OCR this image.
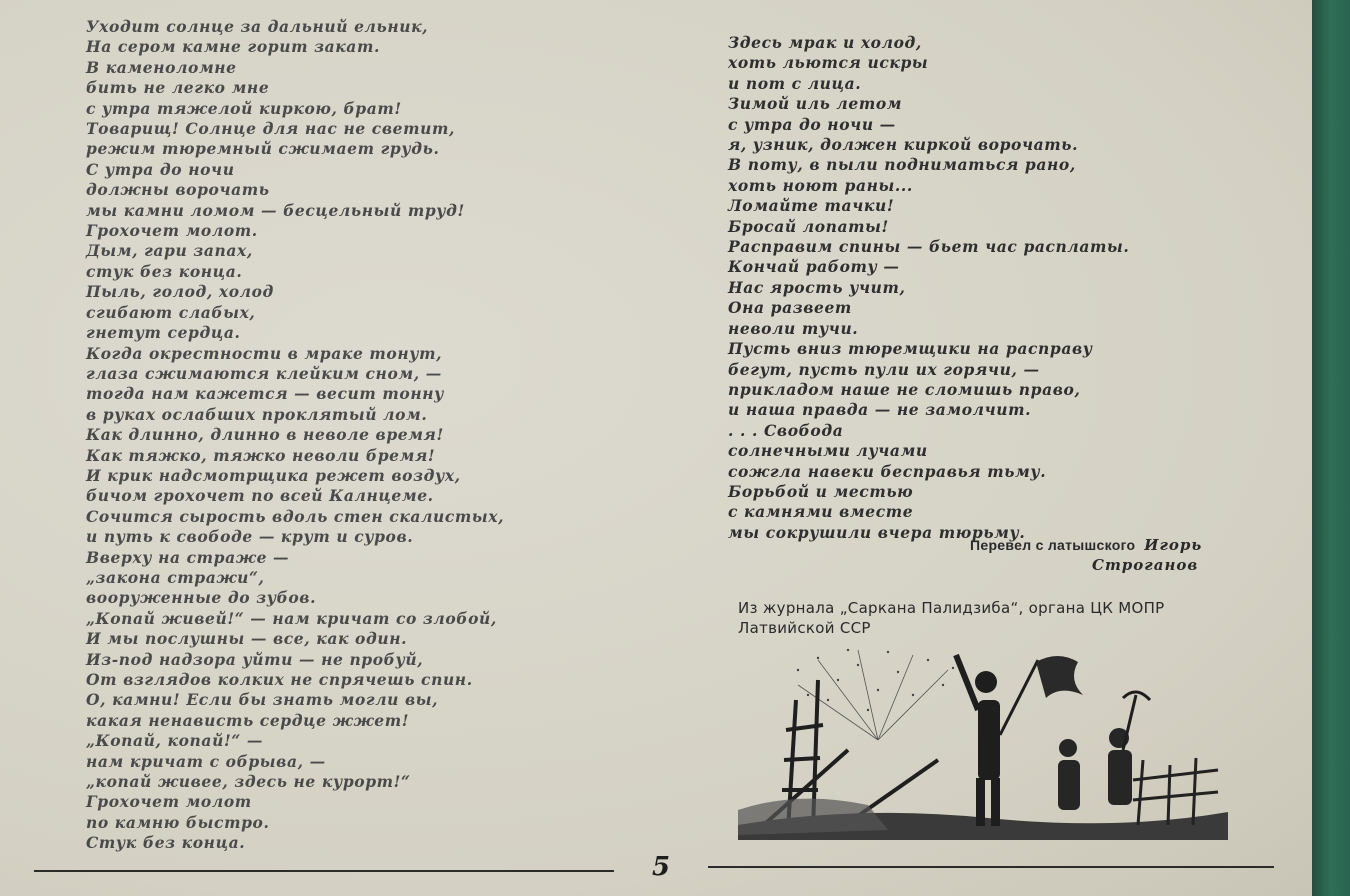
Уходит солнце за дальний ельник,
На сером камне горит закат.
В каменоломне
бить не легко мне
с утра тяжелой киркою, брат!
Товарищ! Солнце для нас не светит,
режим тюремный сжимает грудь.
С утра до ночи
должны ворочать
мы камни ломом — бесцельный труд!
Грохочет молот.
Дым, гари запах,
стук без конца.
Пыль, голод, холод
сгибают слабых,
гнетут сердца.
Когда окрестности в мраке тонут,
глаза сжимаются клейким сном, —
тогда нам кажется — весит тонну
в руках ослабших проклятый лом.
Как длинно, длинно в неволе время!
Как тяжко, тяжко неволи бремя!
И крик надсмотрщика режет воздух,
бичом грохочет по всей Калнцеме.
Сочится сырость вдоль стен скалистых,
и путь к свободе — крут и суров.
Вверху на страже —
„закона стражи“,
вооруженные до зубов.
„Копай живей!“ — нам кричат со злобой,
И мы послушны — все, как один.
Из-под надзора уйти — не пробуй,
От взглядов колких не спрячешь спин.
О, камни! Если бы знать могли вы,
какая ненависть сердце жжет!
„Копай, копай!“ —
нам кричат с обрыва, —
„копай живее, здесь не курорт!“
Грохочет молот
по камню быстро.
Стук без конца.
Здесь мрак и холод,
хоть льются искры
и пот с лица.
Зимой иль летом
с утра до ночи —
я, узник, должен киркой ворочать.
В поту, в пыли подниматься рано,
хоть ноют раны...
Ломайте тачки!
Бросай лопаты!
Расправим спины — бьет час расплаты.
Кончай работу —
Нас ярость учит,
Она развеет
неволи тучи.
Пусть вниз тюремщики на расправу
бегут, пусть пули их горячи, —
прикладом наше не сломишь право,
и наша правда — не замолчит.
. . . Свобода
солнечными лучами
сожгла навеки бесправья тьму.
Борьбой и местью
с камнями вместе
мы сокрушили вчера тюрьму.
Перевел с латышского Игорь
Строганов
Из журнала „Саркана Палидзиба“, органа ЦК МОПР
Латвийской ССР
5
